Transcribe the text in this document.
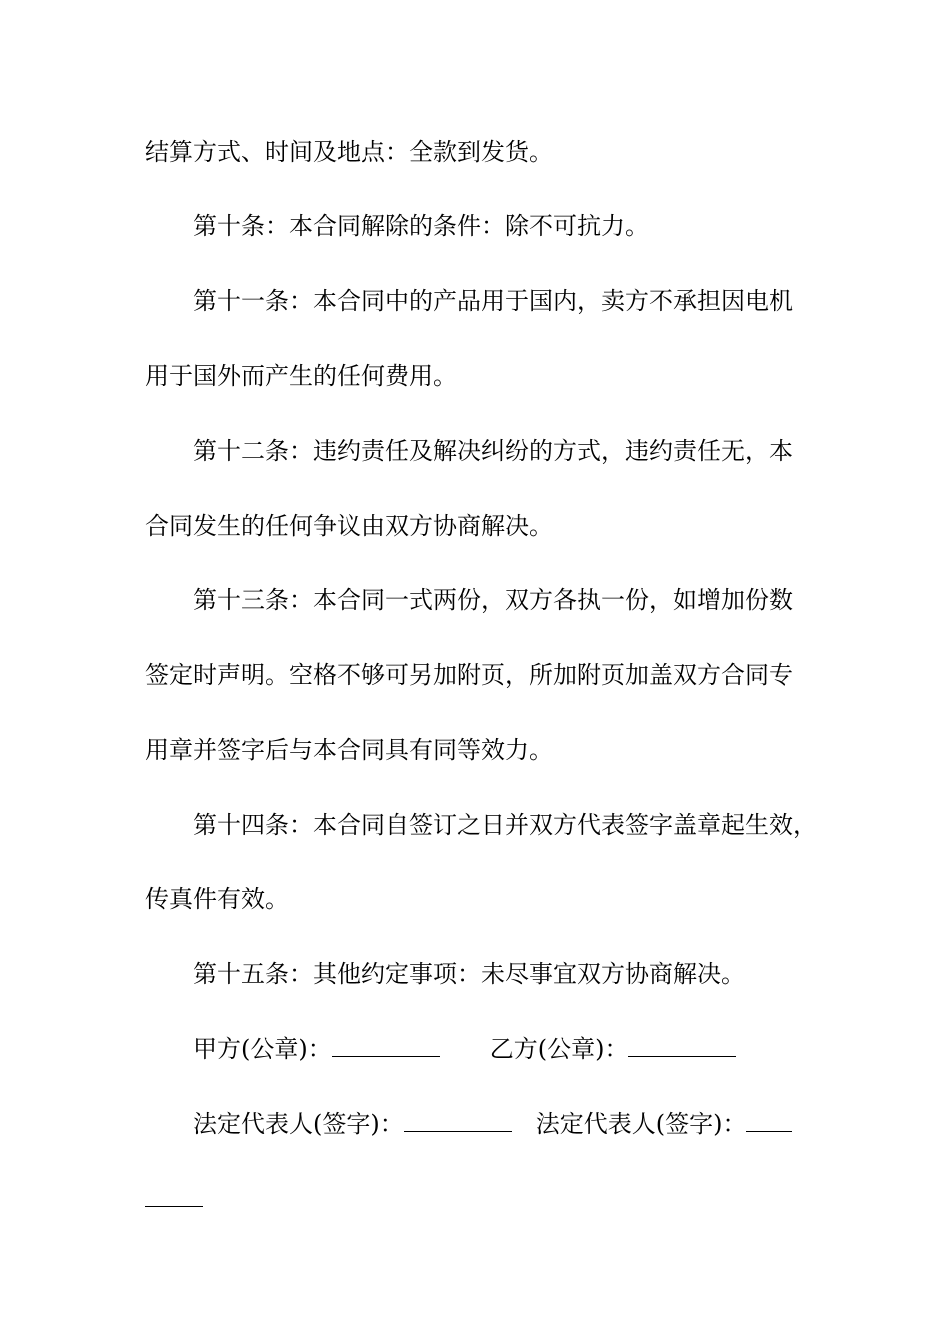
结算方式、时间及地点：全款到发货。
第十条：本合同解除的条件：除不可抗力。
第十一条：本合同中的产品用于国内，卖方不承担因电机
用于国外而产生的任何费用。
第十二条：违约责任及解决纠纷的方式，违约责任无，本
合同发生的任何争议由双方协商解决。
第十三条：本合同一式两份，双方各执一份，如增加份数
签定时声明。空格不够可另加附页，所加附页加盖双方合同专
用章并签字后与本合同具有同等效力。
第十四条：本合同自签订之日并双方代表签字盖章起生效，
传真件有效。
第十五条：其他约定事项：未尽事宜双方协商解决。
甲方(公章)：	乙方(公章)：
法定代表人(签字)：	法定代表人(签字)：
